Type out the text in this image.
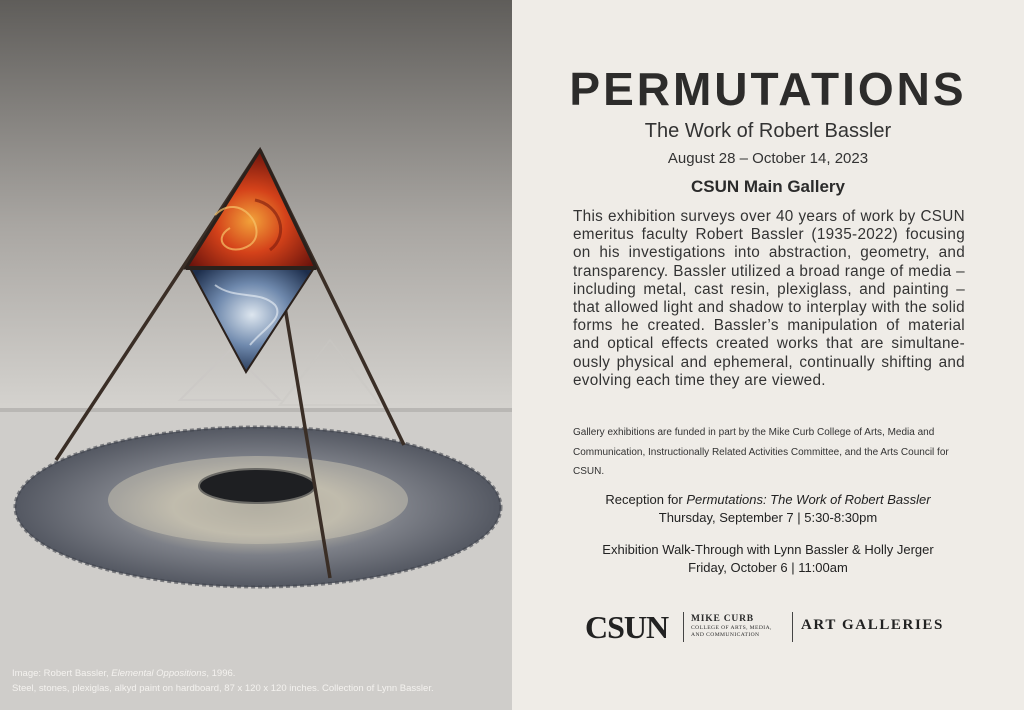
Image: Robert Bassler, Elemental Oppositions, 1996.
Steel, stones, plexiglas, alkyd paint on hardboard, 87 x 120 x 120 inches. Collection of Lynn Bassler.
PERMUTATIONS
The Work of Robert Bassler
August 28 – October 14, 2023
CSUN Main Gallery
This exhibition surveys over 40 years of work by CSUN emeritus faculty Robert Bassler (1935-2022) focusing on his investigations into abstraction, geometry, and transparency. Bassler utilized a broad range of media – including metal, cast resin, plexiglass, and painting – that allowed light and shadow to interplay with the solid forms he created. Bassler’s manipulation of material and optical effects created works that are simultane-ously physical and ephemeral, continually shifting and evolving each time they are viewed.
Gallery exhibitions are funded in part by the Mike Curb College of Arts, Media and Communication, Instructionally Related Activities Committee, and the Arts Council for CSUN.
Reception for Permutations: The Work of Robert Bassler
Thursday, September 7 | 5:30-8:30pm
Exhibition Walk-Through with Lynn Bassler & Holly Jerger
Friday, October 6 | 11:00am
CSUN MIKE CURB
COLLEGE OF ARTS, MEDIA,
AND COMMUNICATION
ART GALLERIES
